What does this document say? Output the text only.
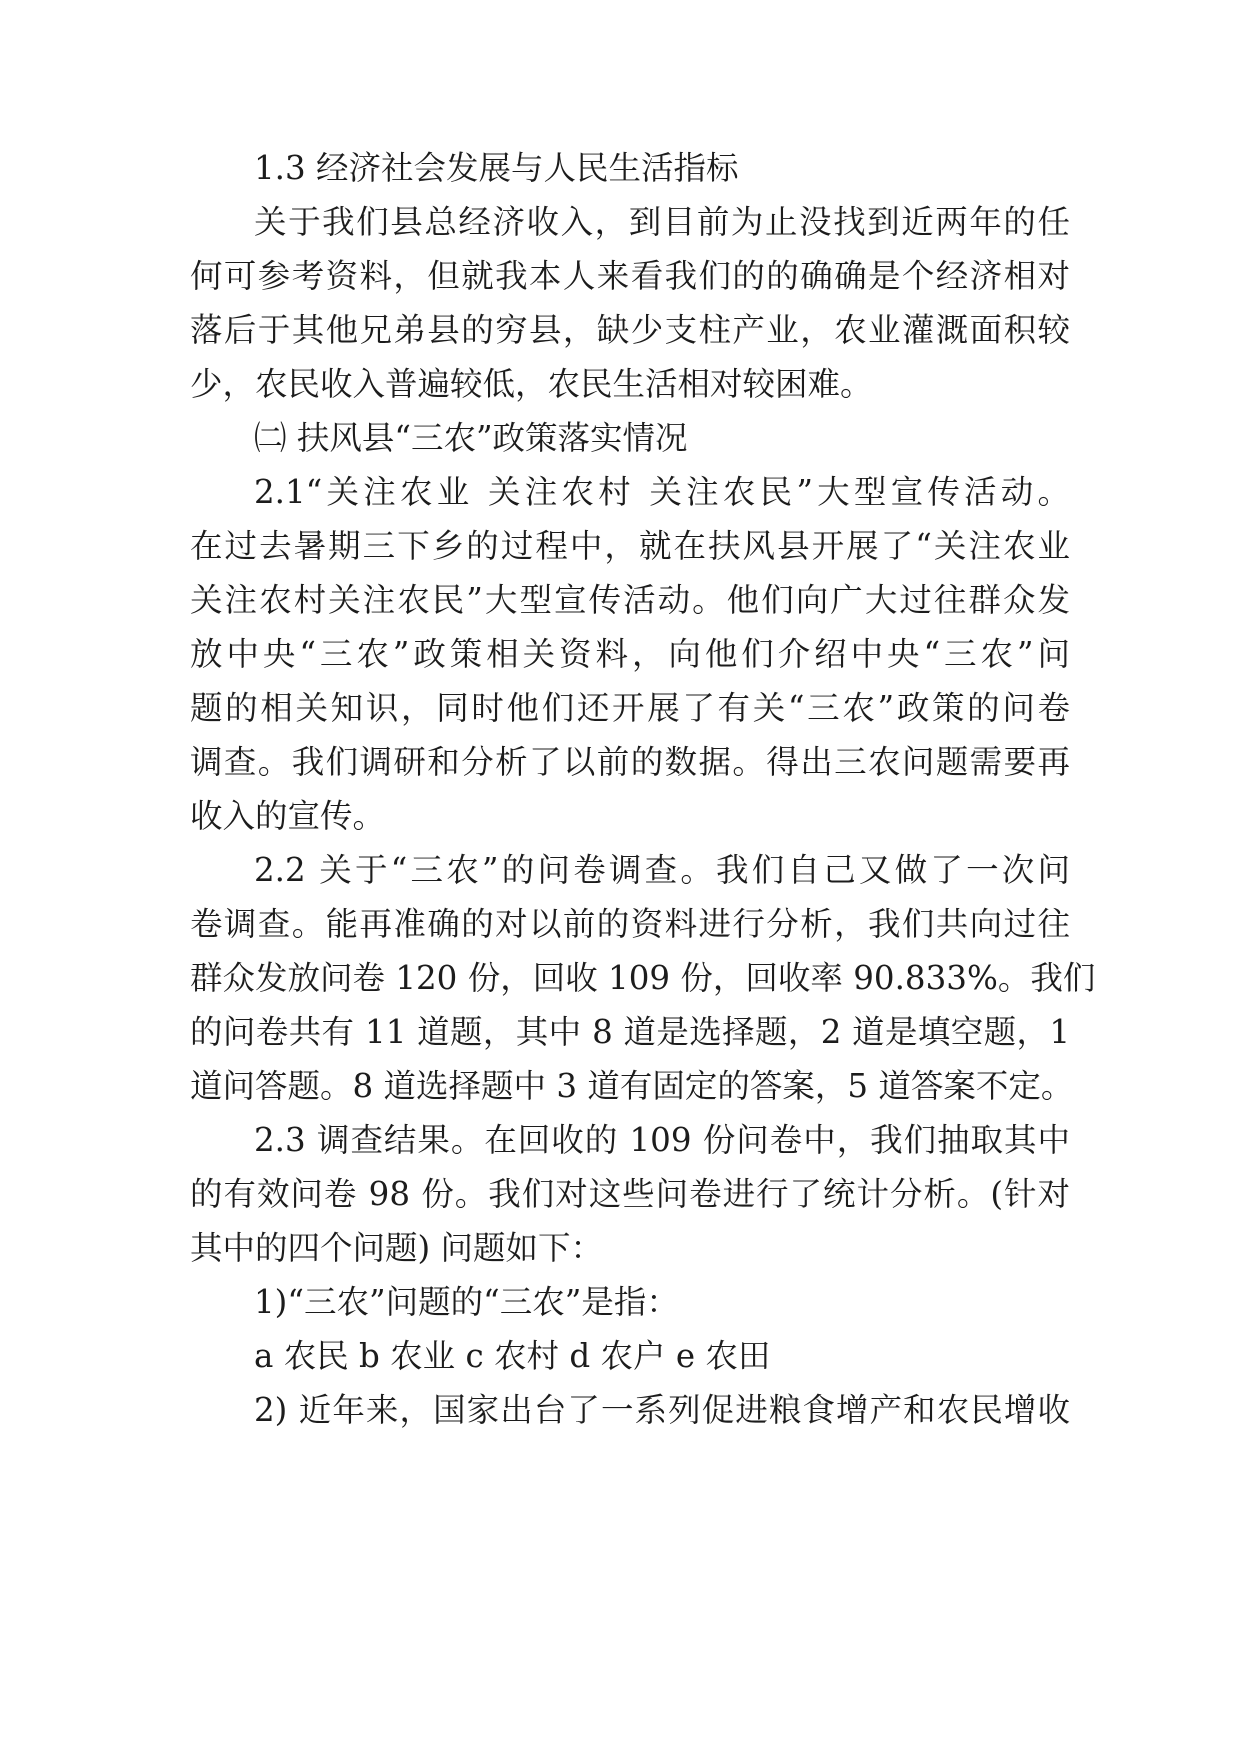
1.3 经济社会发展与人民生活指标
关于我们县总经济收入，到目前为止没找到近两年的任
何可参考资料，但就我本人来看我们的的确确是个经济相对
落后于其他兄弟县的穷县，缺少支柱产业，农业灌溉面积较
少，农民收入普遍较低，农民生活相对较困难。
㈡ 扶风县“三农”政策落实情况
2.1“关注农业 关注农村 关注农民”大型宣传活动。
在过去暑期三下乡的过程中，就在扶风县开展了“关注农业
关注农村关注农民”大型宣传活动。他们向广大过往群众发
放中央“三农”政策相关资料，向他们介绍中央“三农”问
题的相关知识，同时他们还开展了有关“三农”政策的问卷
调查。我们调研和分析了以前的数据。得出三农问题需要再
收入的宣传。
2.2 关于“三农”的问卷调查。我们自己又做了一次问
卷调查。能再准确的对以前的资料进行分析，我们共向过往
群众发放问卷 120 份，回收 109 份，回收率 90.833%。我们
的问卷共有 11 道题，其中 8 道是选择题，2 道是填空题，1
道问答题。8 道选择题中 3 道有固定的答案，5 道答案不定。
2.3 调查结果。在回收的 109 份问卷中，我们抽取其中
的有效问卷 98 份。我们对这些问卷进行了统计分析。(针对
其中的四个问题) 问题如下：
1)“三农”问题的“三农”是指：
a 农民 b 农业 c 农村 d 农户 e 农田
2) 近年来，国家出台了一系列促进粮食增产和农民增收
